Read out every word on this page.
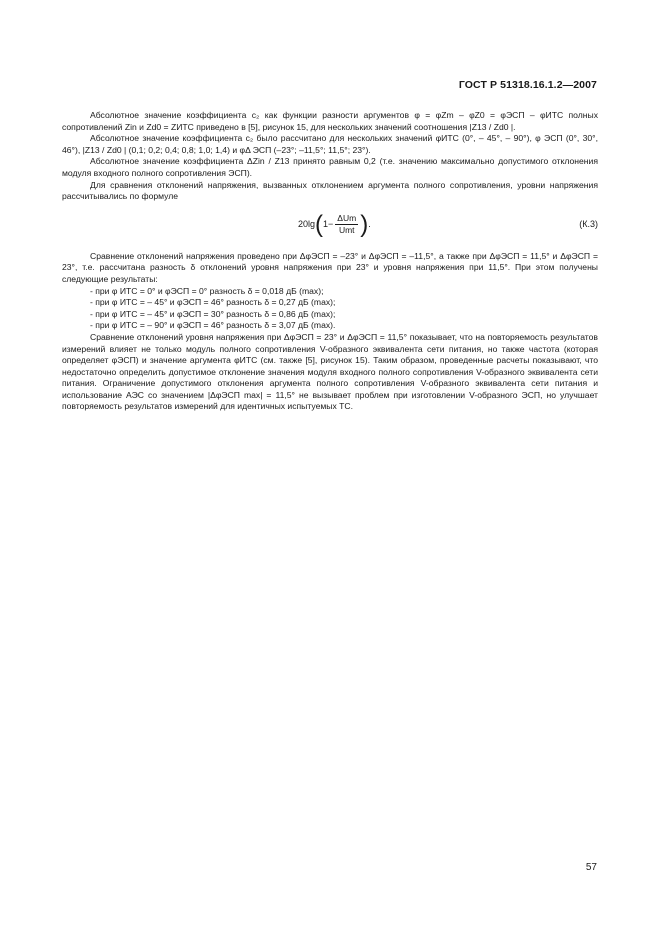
ГОСТ Р 51318.16.1.2—2007

Абсолютное значение коэффициента c₂ как функции разности аргументов φ = φZm – φZ0 = φЭСП – φИТС полных сопротивлений Zin и Zd0 = ZИТС приведено в [5], рисунок 15, для нескольких значений соотношения |Z13 / Zd0 |.

Абсолютное значение коэффициента c₂ было рассчитано для нескольких значений φИТС (0°, – 45°, – 90°), φ ЭСП (0°, 30°, 46°), |Z13 / Zd0 | (0,1; 0,2; 0,4; 0,8; 1,0; 1,4) и φΔ ЭСП (–23°; –11,5°; 11,5°; 23°).

Абсолютное значение коэффициента ΔZin / Z13 принято равным 0,2 (т.е. значению максимально допустимого отклонения модуля входного полного сопротивления ЭСП).

Для сравнения отклонений напряжения, вызванных отклонением аргумента полного сопротивления, уровни напряжения рассчитывались по формуле

20lg ( $1- \frac{\text{ΔUm}}{\text{Umt}}$ ) .	(К.3)

Сравнение отклонений напряжения проведено при ΔφЭСП = –23° и ΔφЭСП = –11,5°, а также при ΔφЭСП = 11,5° и ΔφЭСП = 23°, т.е. рассчитана разность δ отклонений уровня напряжения при 23° и уровня напряжения при 11,5°. При этом получены следующие результаты:

- при φ ИТС = 0° и φЭСП = 0° разность δ = 0,018 дБ (max);

- при φ ИТС = – 45° и φЭСП = 46° разность δ = 0,27 дБ (max);

- при φ ИТС = – 45° и φЭСП = 30° разность δ = 0,86 дБ (max);

- при φ ИТС = – 90° и φЭСП = 46° разность δ = 3,07 дБ (max).

Сравнение отклонений уровня напряжения при ΔφЭСП = 23° и ΔφЭСП = 11,5° показывает, что на повторяемость результатов измерений влияет не только модуль полного сопротивления V-образного эквивалента сети питания, но также частота (которая определяет φЭСП) и значение аргумента φИТС (см. также [5], рисунок 15). Таким образом, проведенные расчеты показывают, что недостаточно определить допустимое отклонение значения модуля входного полного сопротивления V-образного эквивалента сети питания. Ограничение допустимого отклонения аргумента полного сопротивления V-образного эквивалента сети питания и использование АЭС со значением |ΔφЭСП max| = 11,5° не вызывает проблем при изготовлении V-образного ЭСП, но улучшает повторяемость результатов измерений для идентичных испытуемых ТС.

57
